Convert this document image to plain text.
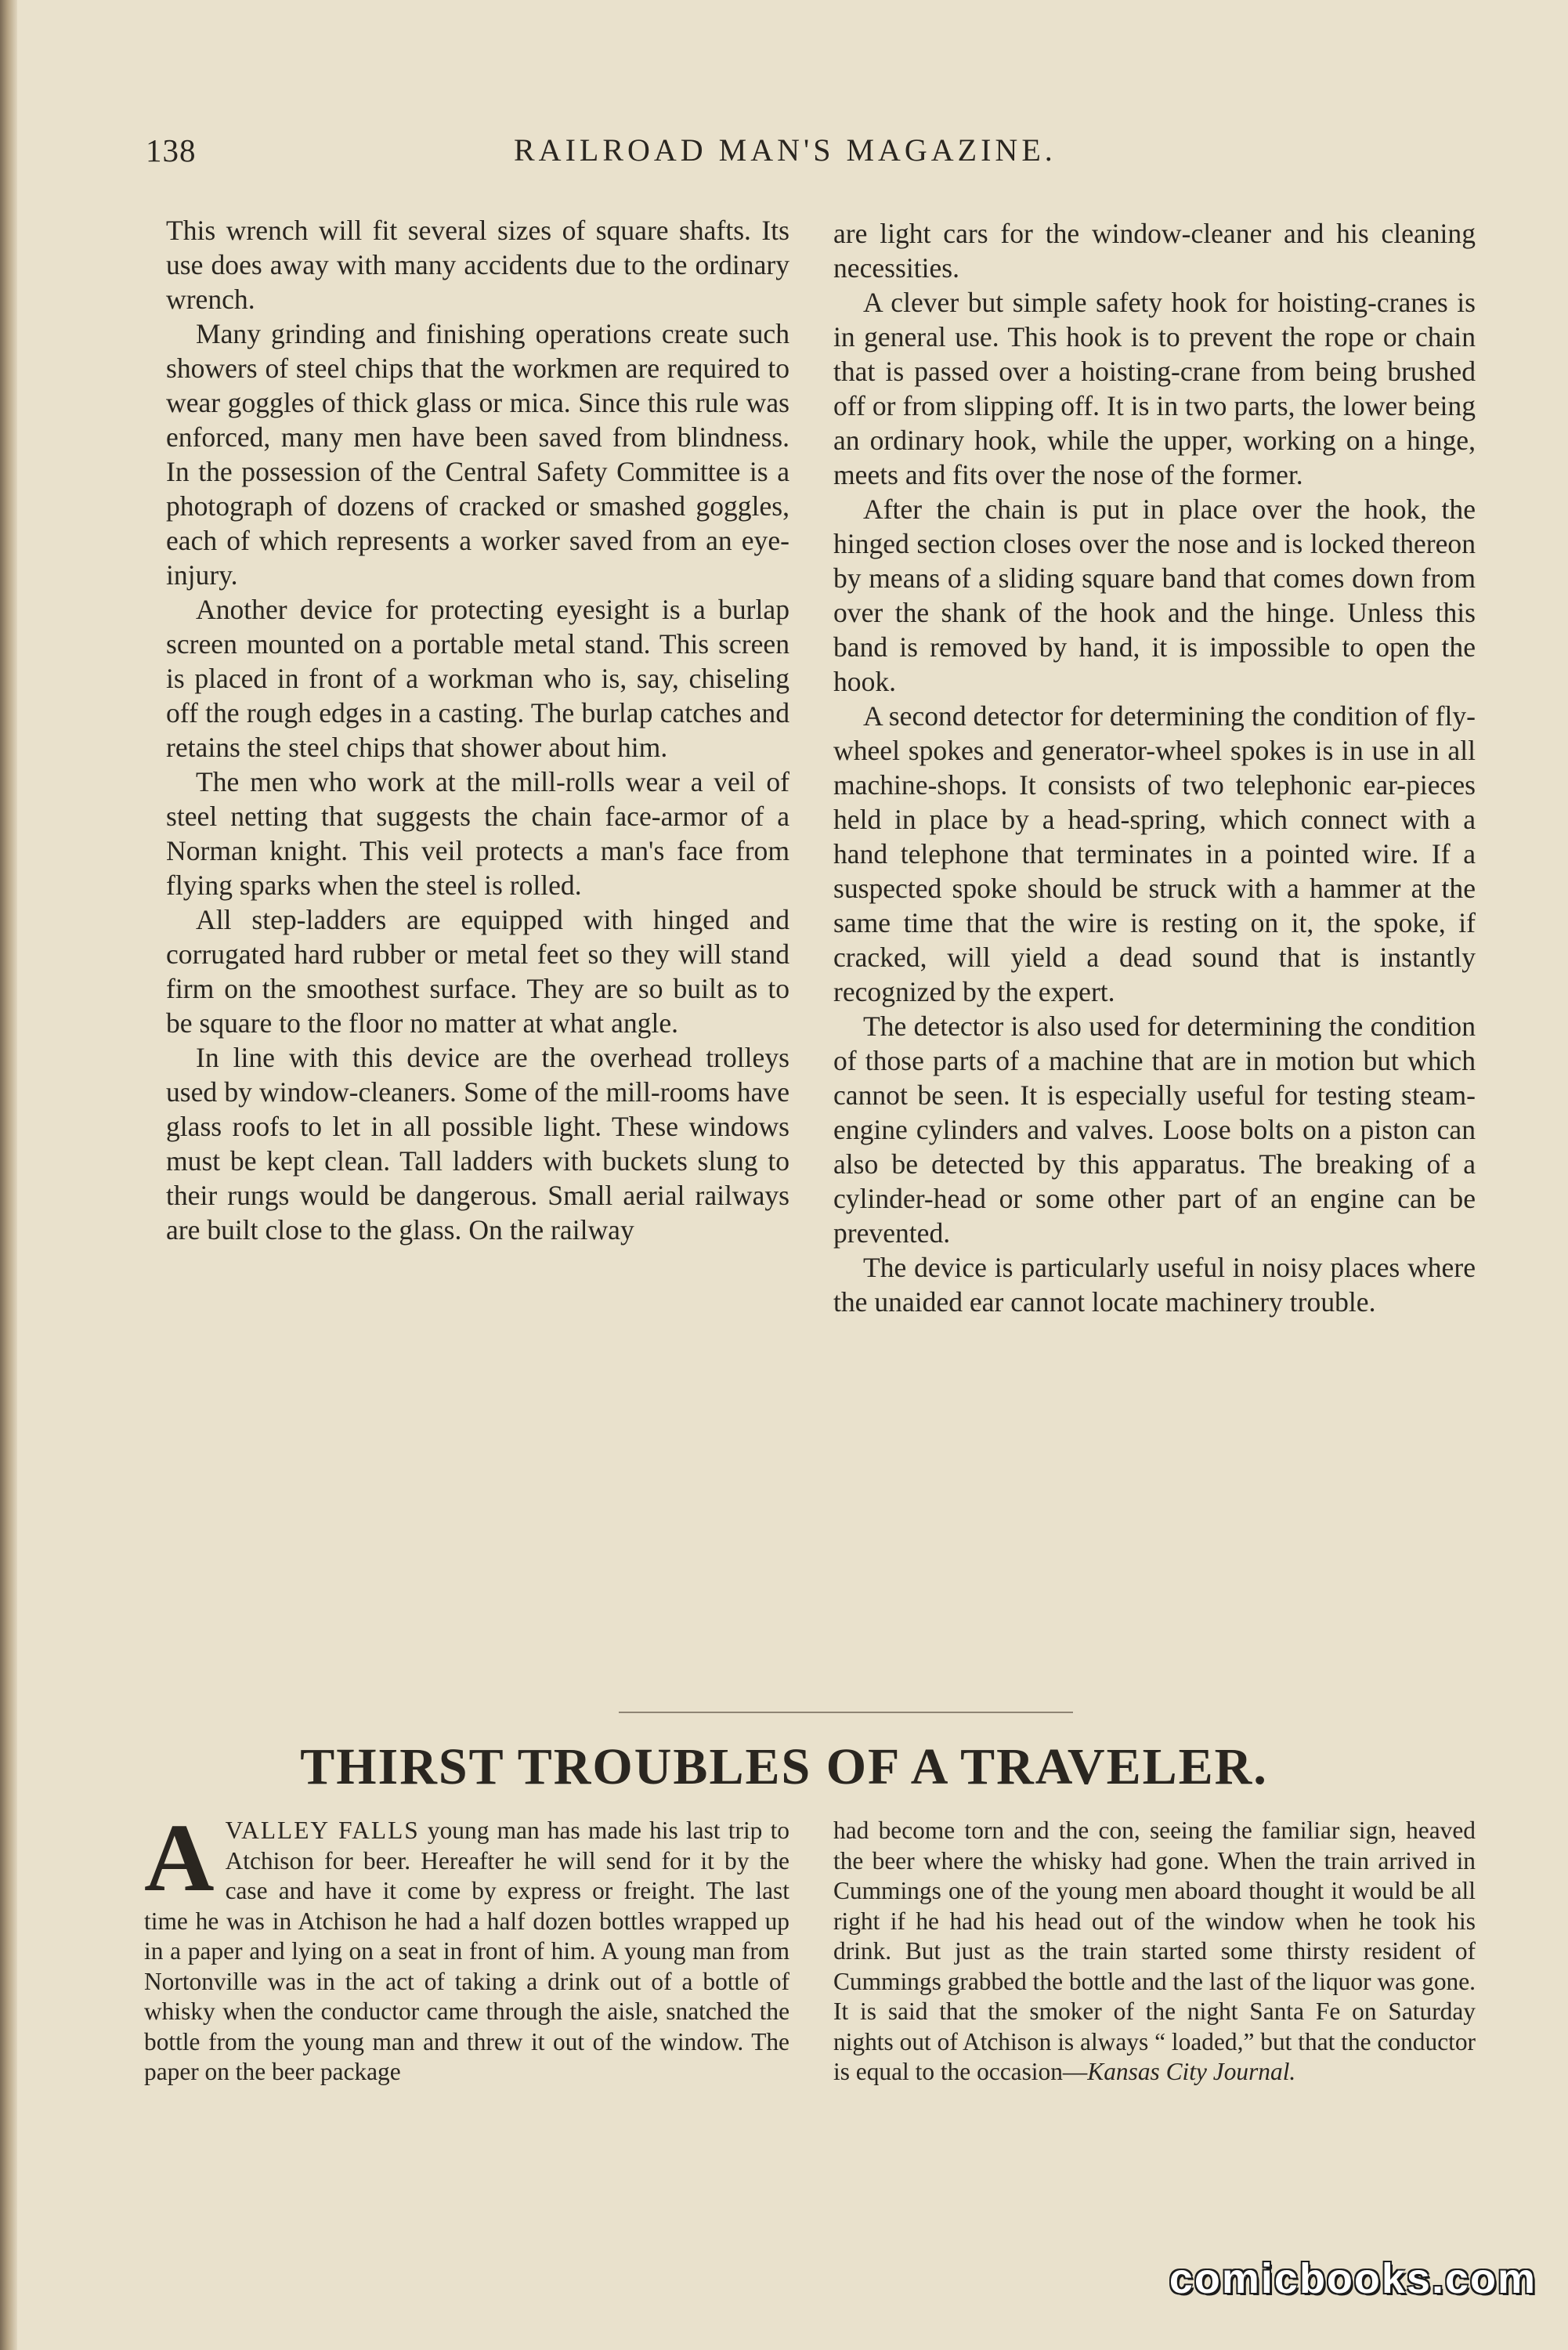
138	RAILROAD MAN'S MAGAZINE.

This wrench will fit several sizes of square shafts. Its use does away with many accidents due to the ordinary wrench.

Many grinding and finishing operations create such showers of steel chips that the workmen are required to wear goggles of thick glass or mica. Since this rule was enforced, many men have been saved from blindness. In the possession of the Central Safety Committee is a photograph of dozens of cracked or smashed goggles, each of which represents a worker saved from an eye-injury.

Another device for protecting eyesight is a burlap screen mounted on a portable metal stand. This screen is placed in front of a workman who is, say, chiseling off the rough edges in a casting. The burlap catches and retains the steel chips that shower about him.

The men who work at the mill-rolls wear a veil of steel netting that suggests the chain face-armor of a Norman knight. This veil protects a man's face from flying sparks when the steel is rolled.

All step-ladders are equipped with hinged and corrugated hard rubber or metal feet so they will stand firm on the smoothest surface. They are so built as to be square to the floor no matter at what angle.

In line with this device are the overhead trolleys used by window-cleaners. Some of the mill-rooms have glass roofs to let in all possible light. These windows must be kept clean. Tall ladders with buckets slung to their rungs would be dangerous. Small aerial railways are built close to the glass. On the railway

are light cars for the window-cleaner and his cleaning necessities.

A clever but simple safety hook for hoisting-cranes is in general use. This hook is to prevent the rope or chain that is passed over a hoisting-crane from being brushed off or from slipping off. It is in two parts, the lower being an ordinary hook, while the upper, working on a hinge, meets and fits over the nose of the former.

After the chain is put in place over the hook, the hinged section closes over the nose and is locked thereon by means of a sliding square band that comes down from over the shank of the hook and the hinge. Unless this band is removed by hand, it is impossible to open the hook.

A second detector for determining the condition of fly-wheel spokes and generator-wheel spokes is in use in all machine-shops. It consists of two telephonic ear-pieces held in place by a head-spring, which connect with a hand telephone that terminates in a pointed wire. If a suspected spoke should be struck with a hammer at the same time that the wire is resting on it, the spoke, if cracked, will yield a dead sound that is instantly recognized by the expert.

The detector is also used for determining the condition of those parts of a machine that are in motion but which cannot be seen. It is especially useful for testing steam-engine cylinders and valves. Loose bolts on a piston can also be detected by this apparatus. The breaking of a cylinder-head or some other part of an engine can be prevented.

The device is particularly useful in noisy places where the unaided ear cannot locate machinery trouble.

THIRST TROUBLES OF A TRAVELER.

AVALLEY FALLS young man has made his last trip to Atchison for beer. Hereafter he will send for it by the case and have it come by express or freight. The last time he was in Atchison he had a half dozen bottles wrapped up in a paper and lying on a seat in front of him. A young man from Nortonville was in the act of taking a drink out of a bottle of whisky when the conductor came through the aisle, snatched the bottle from the young man and threw it out of the window. The paper on the beer package

had become torn and the con, seeing the familiar sign, heaved the beer where the whisky had gone. When the train arrived in Cummings one of the young men aboard thought it would be all right if he had his head out of the window when he took his drink. But just as the train started some thirsty resident of Cummings grabbed the bottle and the last of the liquor was gone. It is said that the smoker of the night Santa Fe on Saturday nights out of Atchison is always “ loaded,” but that the conductor is equal to the occasion—Kansas City Journal.

comicbooks.com
